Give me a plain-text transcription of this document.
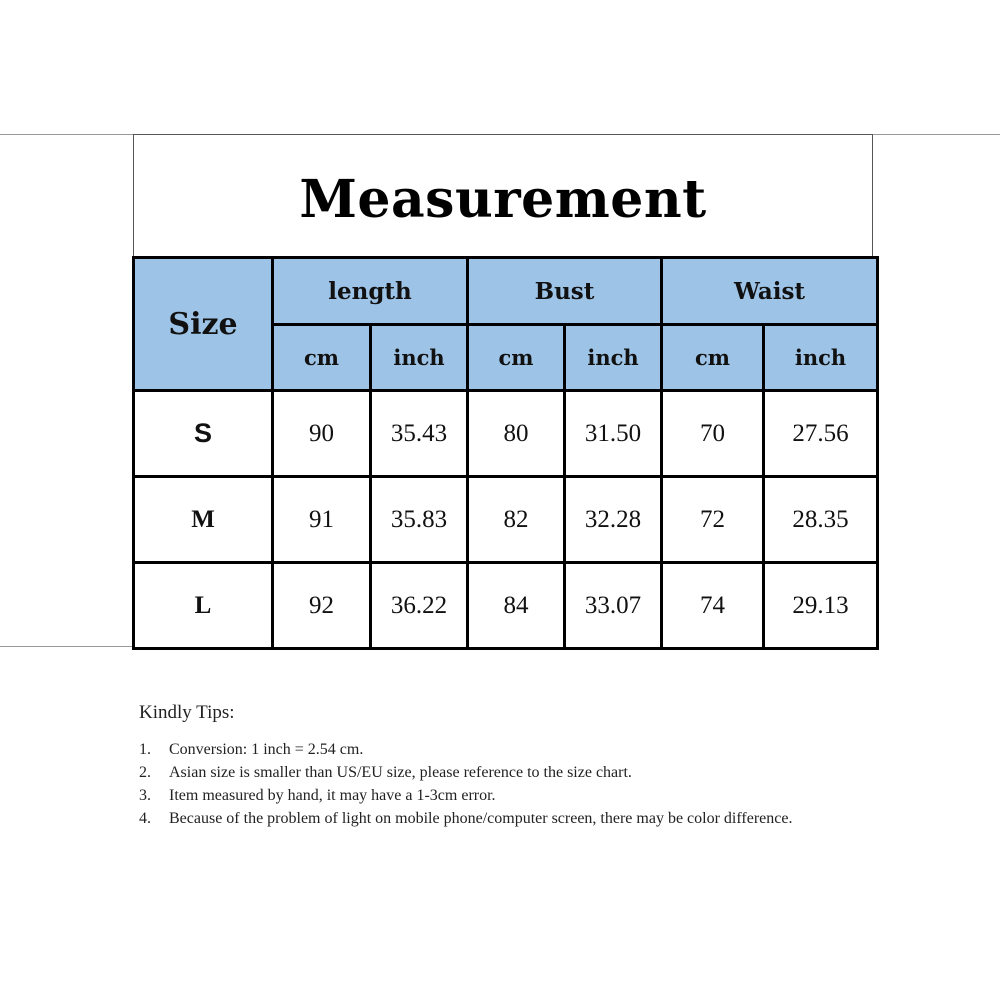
Measurement
Size	length		Bust		Waist	
	cm	inch	cm	inch	cm	inch
S	90	35.43	80	31.50	70	27.56
M	91	35.83	82	32.28	72	28.35
L	92	36.22	84	33.07	74	29.13
Kindly Tips:
1. Conversion: 1 inch = 2.54 cm.
2. Asian size is smaller than US/EU size, please reference to the size chart.
3. Item measured by hand, it may have a 1-3cm error.
4. Because of the problem of light on mobile phone/computer screen, there may be color difference.
